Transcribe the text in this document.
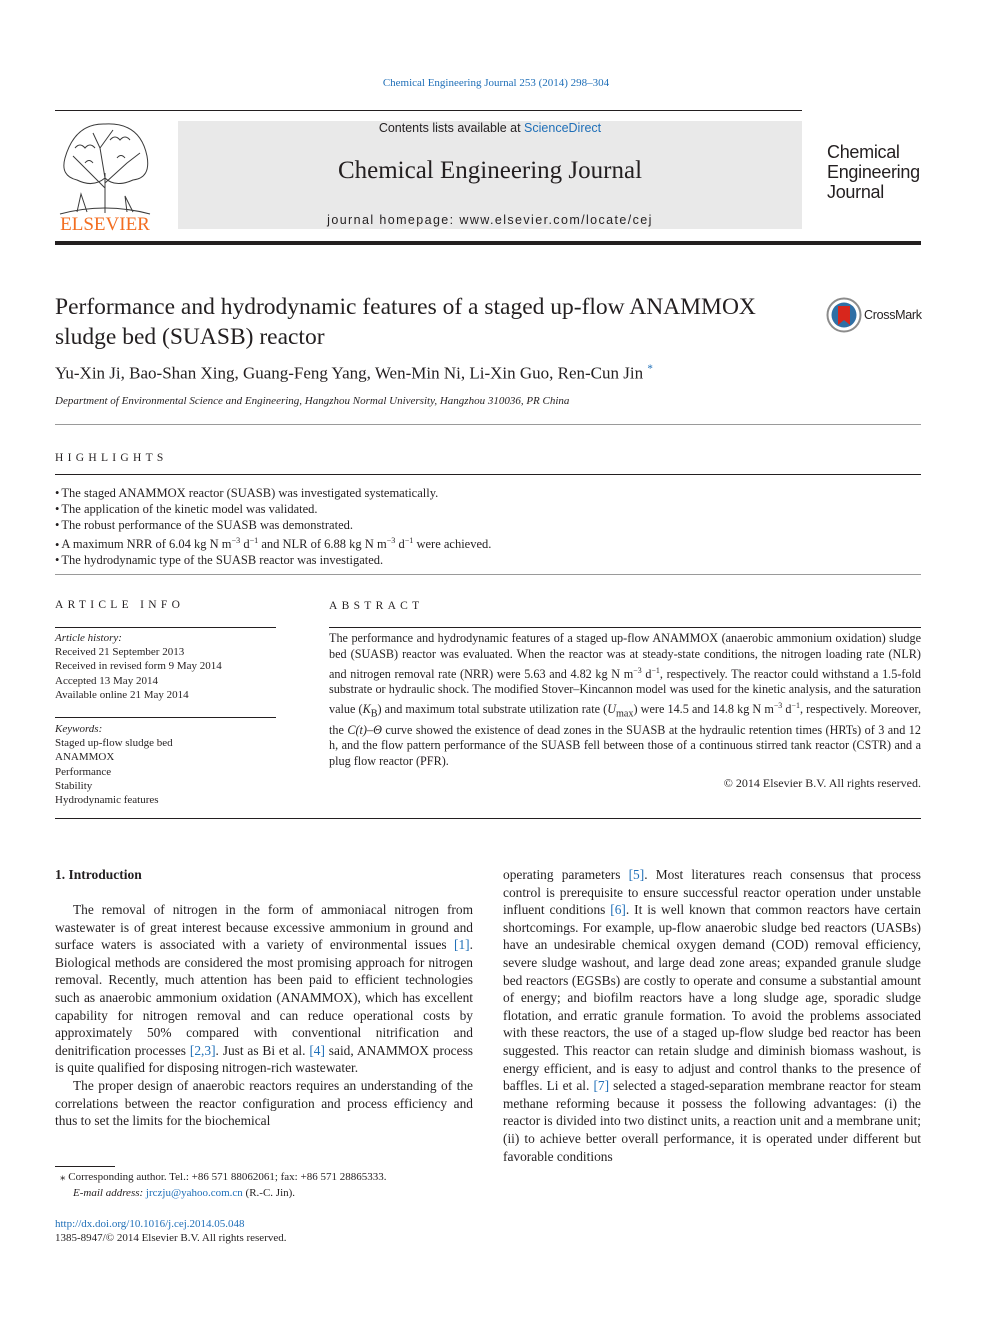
Chemical Engineering Journal 253 (2014) 298–304
ELSEVIER
Contents lists available at ScienceDirect
Chemical Engineering Journal
journal homepage: www.elsevier.com/locate/cej
Chemical
Engineering
Journal
Performance and hydrodynamic features of a staged up-flow ANAMMOX sludge bed (SUASB) reactor
CrossMark
Yu-Xin Ji, Bao-Shan Xing, Guang-Feng Yang, Wen-Min Ni, Li-Xin Guo, Ren-Cun Jin *
Department of Environmental Science and Engineering, Hangzhou Normal University, Hangzhou 310036, PR China
HIGHLIGHTS
• The staged ANAMMOX reactor (SUASB) was investigated systematically.
• The application of the kinetic model was validated.
• The robust performance of the SUASB was demonstrated.
• A maximum NRR of 6.04 kg N $m^{-3}$ $d^{-1}$ and NLR of 6.88 kg N $m^{-3}$ $d^{-1}$ were achieved.
• The hydrodynamic type of the SUASB reactor was investigated.
ARTICLE INFO
Article history:
Received 21 September 2013
Received in revised form 9 May 2014
Accepted 13 May 2014
Available online 21 May 2014
Keywords:
Staged up-flow sludge bed
ANAMMOX
Performance
Stability
Hydrodynamic features
ABSTRACT
The performance and hydrodynamic features of a staged up-flow ANAMMOX (anaerobic ammonium oxidation) sludge bed (SUASB) reactor was evaluated. When the reactor was at steady-state conditions, the nitrogen loading rate (NLR) and nitrogen removal rate (NRR) were 5.63 and 4.82 kg N $m^{-3}$ $d^{-1}$, respectively. The reactor could withstand a 1.5-fold substrate or hydraulic shock. The modified Stover–Kincannon model was used for the kinetic analysis, and the saturation value $(K_B)$ and maximum total substrate utilization rate $(U_{max})$ were 14.5 and 14.8 kg N $m^{-3}$ $d^{-1}$, respectively. Moreover, the C(t)–Θ curve showed the existence of dead zones in the SUASB at the hydraulic retention times (HRTs) of 3 and 12 h, and the flow pattern performance of the SUASB fell between those of a continuous stirred tank reactor (CSTR) and a plug flow reactor (PFR).
© 2014 Elsevier B.V. All rights reserved.
1. Introduction

The removal of nitrogen in the form of ammoniacal nitrogen from wastewater is of great interest because excessive ammonium in ground and surface waters is associated with a variety of environmental issues [1]. Biological methods are considered the most promising approach for nitrogen removal. Recently, much attention has been paid to efficient technologies such as anaerobic ammonium oxidation (ANAMMOX), which has excellent capability for nitrogen removal and can reduce operational costs by approximately 50% compared with conventional nitrification and denitrification processes [2,3]. Just as Bi et al. [4] said, ANAMMOX process is quite qualified for disposing nitrogen-rich wastewater.

The proper design of anaerobic reactors requires an understanding of the correlations between the reactor configuration and process efficiency and thus to set the limits for the biochemical

operating parameters [5]. Most literatures reach consensus that process control is prerequisite to ensure successful reactor operation under unstable influent conditions [6]. It is well known that common reactors have certain shortcomings. For example, up-flow anaerobic sludge bed reactors (UASBs) have an undesirable chemical oxygen demand (COD) removal efficiency, severe sludge washout, and large dead zone areas; expanded granule sludge bed reactors (EGSBs) are costly to operate and consume a substantial amount of energy; and biofilm reactors have a long sludge age, sporadic sludge flotation, and erratic granule formation. To avoid the problems associated with these reactors, the use of a staged up-flow sludge bed reactor has been suggested. This reactor can retain sludge and diminish biomass washout, is energy efficient, and is easy to adjust and control thanks to the presence of baffles. Li et al. [7] selected a staged-separation membrane reactor for steam methane reforming because it possess the following advantages: (i) the reactor is divided into two distinct units, a reaction unit and a membrane unit; (ii) to achieve better overall performance, it is operated under different but favorable conditions

⁎ Corresponding author. Tel.: +86 571 88062061; fax: +86 571 28865333.
E-mail address: jrczju@yahoo.com.cn (R.-C. Jin).
http://dx.doi.org/10.1016/j.cej.2014.05.048
1385-8947/© 2014 Elsevier B.V. All rights reserved.
